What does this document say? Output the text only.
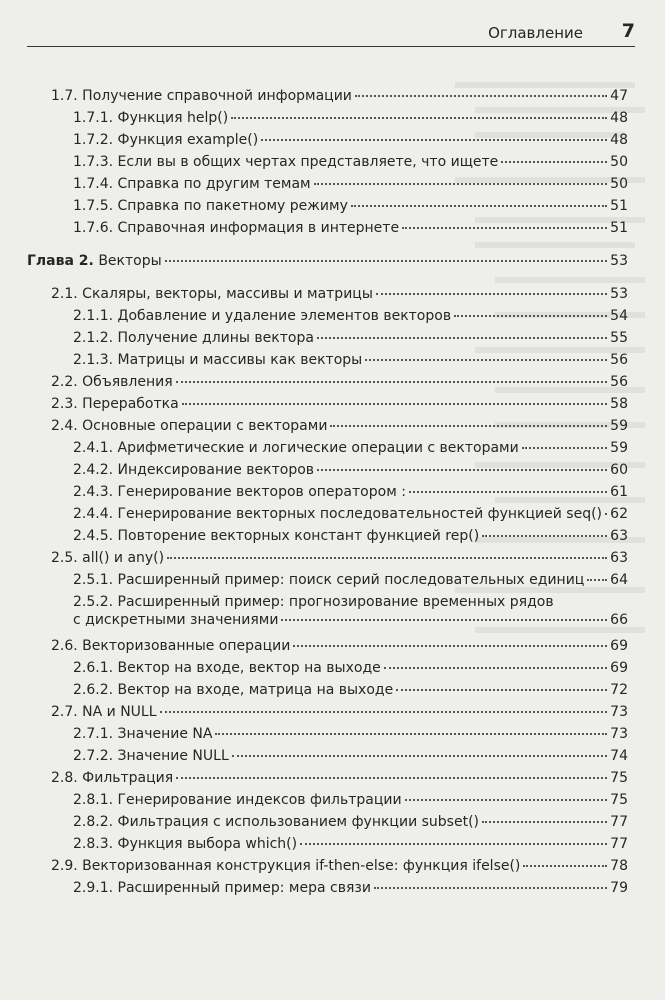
Оглавление 7
1.7. Получение справочной информации	47
1.7.1. Функция help()	48
1.7.2. Функция example()	48
1.7.3. Если вы в общих чертах представляете, что ищете	50
1.7.4. Справка по другим темам	50
1.7.5. Справка по пакетному режиму	51
1.7.6. Справочная информация в интернете	51
Глава 2. Векторы	53
2.1. Скаляры, векторы, массивы и матрицы	53
2.1.1. Добавление и удаление элементов векторов	54
2.1.2. Получение длины вектора	55
2.1.3. Матрицы и массивы как векторы	56
2.2. Объявления	56
2.3. Переработка	58
2.4. Основные операции с векторами	59
2.4.1. Арифметические и логические операции с векторами	59
2.4.2. Индексирование векторов	60
2.4.3. Генерирование векторов оператором :	61
2.4.4. Генерирование векторных последовательностей функцией seq() 62
2.4.5. Повторение векторных констант функцией rep()	63
2.5. all() и any()	63
2.5.1. Расширенный пример: поиск серий последовательных единиц 64
2.5.2. Расширенный пример: прогнозирование временных рядов
с дискретными значениями	66
2.6. Векторизованные операции	69
2.6.1. Вектор на входе, вектор на выходе	69
2.6.2. Вектор на входе, матрица на выходе	72
2.7. NA и NULL	73
2.7.1. Значение NA	73
2.7.2. Значение NULL	74
2.8. Фильтрация	75
2.8.1. Генерирование индексов фильтрации	75
2.8.2. Фильтрация с использованием функции subset()	77
2.8.3. Функция выбора which()	77
2.9. Векторизованная конструкция if-then-else: функция ifelse()	78
2.9.1. Расширенный пример: мера связи	79
